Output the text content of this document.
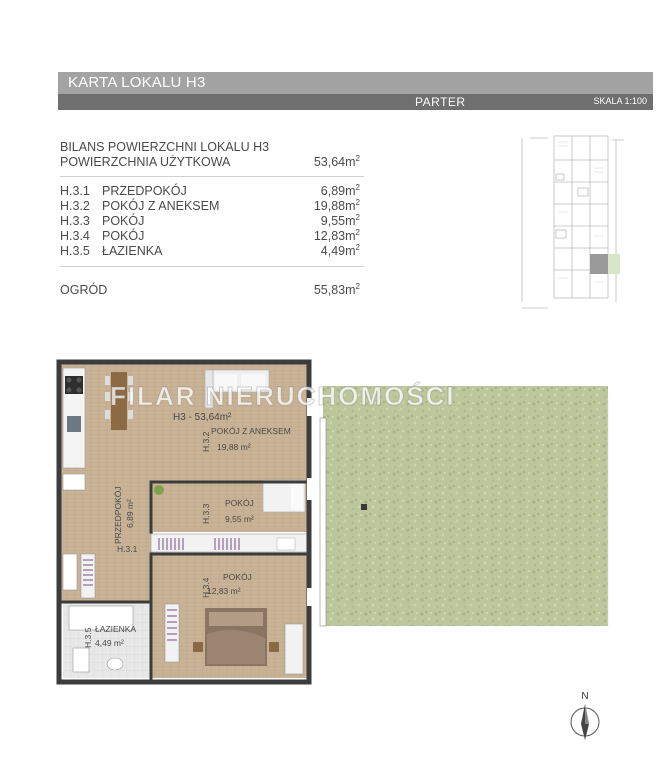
KARTA LOKALU H3
PARTER	SKALA 1:100
BILANS POWIERZCHNI LOKALU H3
POWIERZCHNIA UŻYTKOWA	$53,64m^2$
H.3.1 PRZEDPOKÓJ	$6,89m^2$
H.3.2 POKÓJ Z ANEKSEM	$19,88m^2$
H.3.3 POKÓJ	$9,55m^2$
H.3.4 POKÓJ	$12,83m^2$
H.3.5 ŁAZIENKA	$4,49m^2$
OGRÓD	$55,83m^2$
H3 - 53,64m²
POKÓJ Z ANEKSEM
19,88 m²
H.3.2
POKÓJ
9,55 m²
H.3.3
PRZEDPOKÓJ 6,89 m²
H.3.1
POKÓJ
12,83 m²
H.3.4
ŁAZIENKA
4,49 m²
H.3.5
FILAR NIERUCHOMOŚCI
N
